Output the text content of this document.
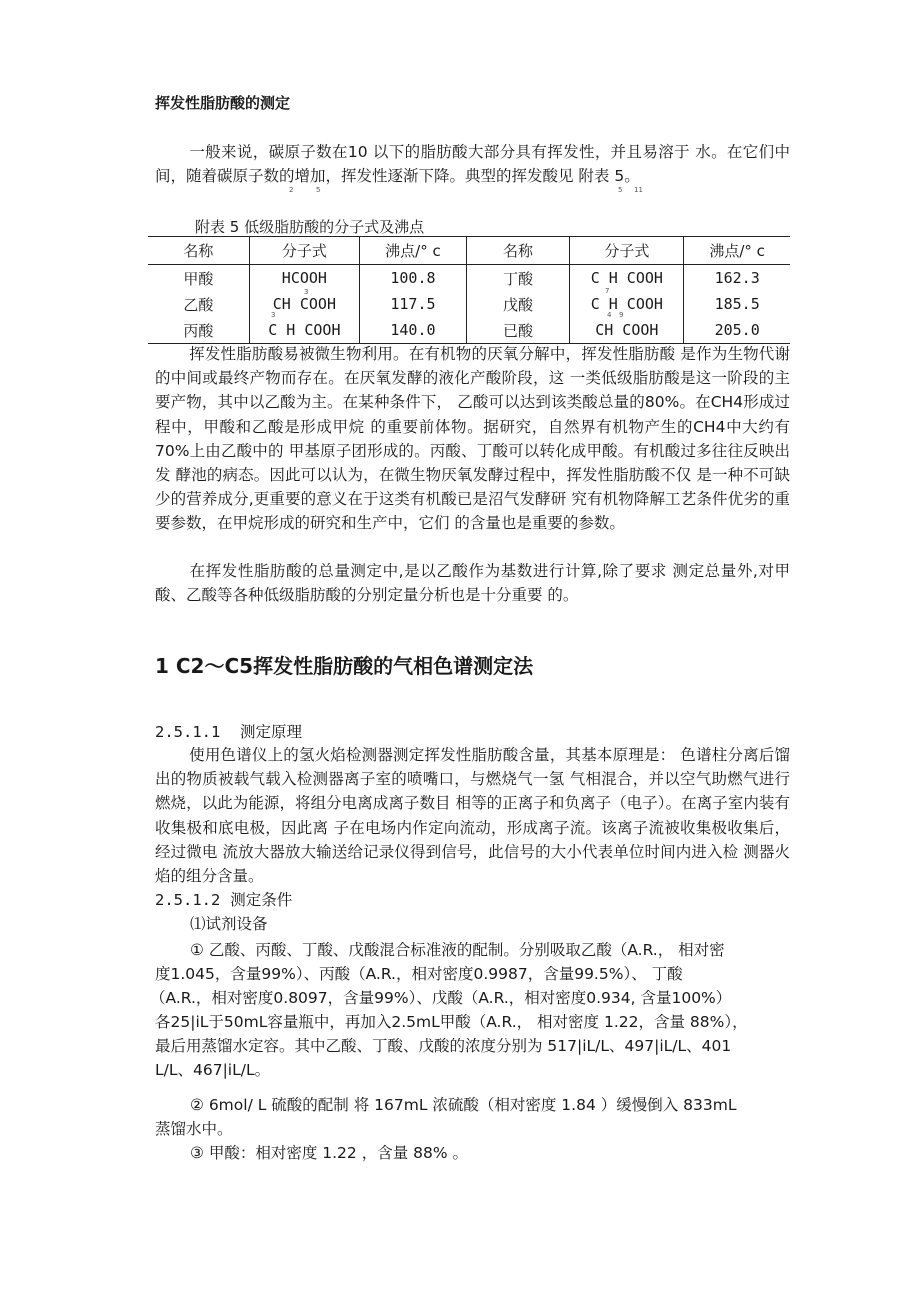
挥发性脂肪酸的测定
一般来说，碳原子数在10 以下的脂肪酸大部分具有挥发性，并且易溶于 水。在它们中间，随着碳原子数的增加，挥发性逐渐下降。典型的挥发酸见 附表 5。
2	5	5 11
附表 5 低级脂肪酸的分子式及沸点
名称	分子式	沸点/° c	名称	分子式	沸点/° c
甲酸	HCOOH	100.8	丁酸	C H COOH	162.3
乙酸	CH COOH	117.5	戊酸	C H COOH	185.5
丙酸	C H COOH	140.0	已酸	CH COOH	205.0
3
3
7
4 9
挥发性脂肪酸易被微生物利用。在有机物的厌氧分解中，挥发性脂肪酸 是作为生物代谢的中间或最终产物而存在。在厌氧发酵的液化产酸阶段，这 一类低级脂肪酸是这一阶段的主要产物，其中以乙酸为主。在某种条件下， 乙酸可以达到该类酸总量的80%。在CH4形成过程中，甲酸和乙酸是形成甲烷 的重要前体物。据研究，自然界有机物产生的CH4中大约有70%上由乙酸中的 甲基原子团形成的。丙酸、丁酸可以转化成甲酸。有机酸过多往往反映出发 酵池的病态。因此可以认为，在微生物厌氧发酵过程中，挥发性脂肪酸不仅 是一种不可缺少的营养成分,更重要的意义在于这类有机酸已是沼气发酵研 究有机物降解工艺条件优劣的重要参数，在甲烷形成的研究和生产中，它们 的含量也是重要的参数。
在挥发性脂肪酸的总量测定中,是以乙酸作为基数进行计算,除了要求 测定总量外,对甲酸、乙酸等各种低级脂肪酸的分别定量分析也是十分重要 的。
1 C2〜C5挥发性脂肪酸的气相色谱测定法
2.5.1.1 测定原理
使用色谱仪上的氢火焰检测器测定挥发性脂肪酸含量，其基本原理是： 色谱柱分离后馏出的物质被载气载入检测器离子室的喷嘴口，与燃烧气一氢 气相混合，并以空气助燃气进行燃烧，以此为能源，将组分电离成离子数目 相等的正离子和负离子（电子）。在离子室内装有收集极和底电极，因此离 子在电场内作定向流动，形成离子流。该离子流被收集极收集后，经过微电 流放大器放大输送给记录仪得到信号，此信号的大小代表单位时间内进入检 测器火焰的组分含量。
2.5.1.2 测定条件
⑴试剂设备
① 乙酸、丙酸、丁酸、戊酸混合标准液的配制。分别吸取乙酸（A.R.， 相对密
度1.045，含量99%）、丙酸（A.R.，相对密度0.9987，含量99.5%）、 丁酸
（A.R.，相对密度0.8097，含量99%）、戊酸（A.R.，相对密度0.934, 含量100%）
各25|iL于50mL容量瓶中，再加入2.5mL甲酸（A.R.， 相对密度 1.22，含量 88%），
最后用蒸馏水定容。其中乙酸、丁酸、戊酸的浓度分别为 517|iL/L、497|iL/L、401
L/L、467|iL/L。
② 6mol/ L 硫酸的配制 将 167mL 浓硫酸（相对密度 1.84 ）缓慢倒入 833mL
蒸馏水中。
③ 甲酸：相对密度 1.22 ，含量 88% 。
